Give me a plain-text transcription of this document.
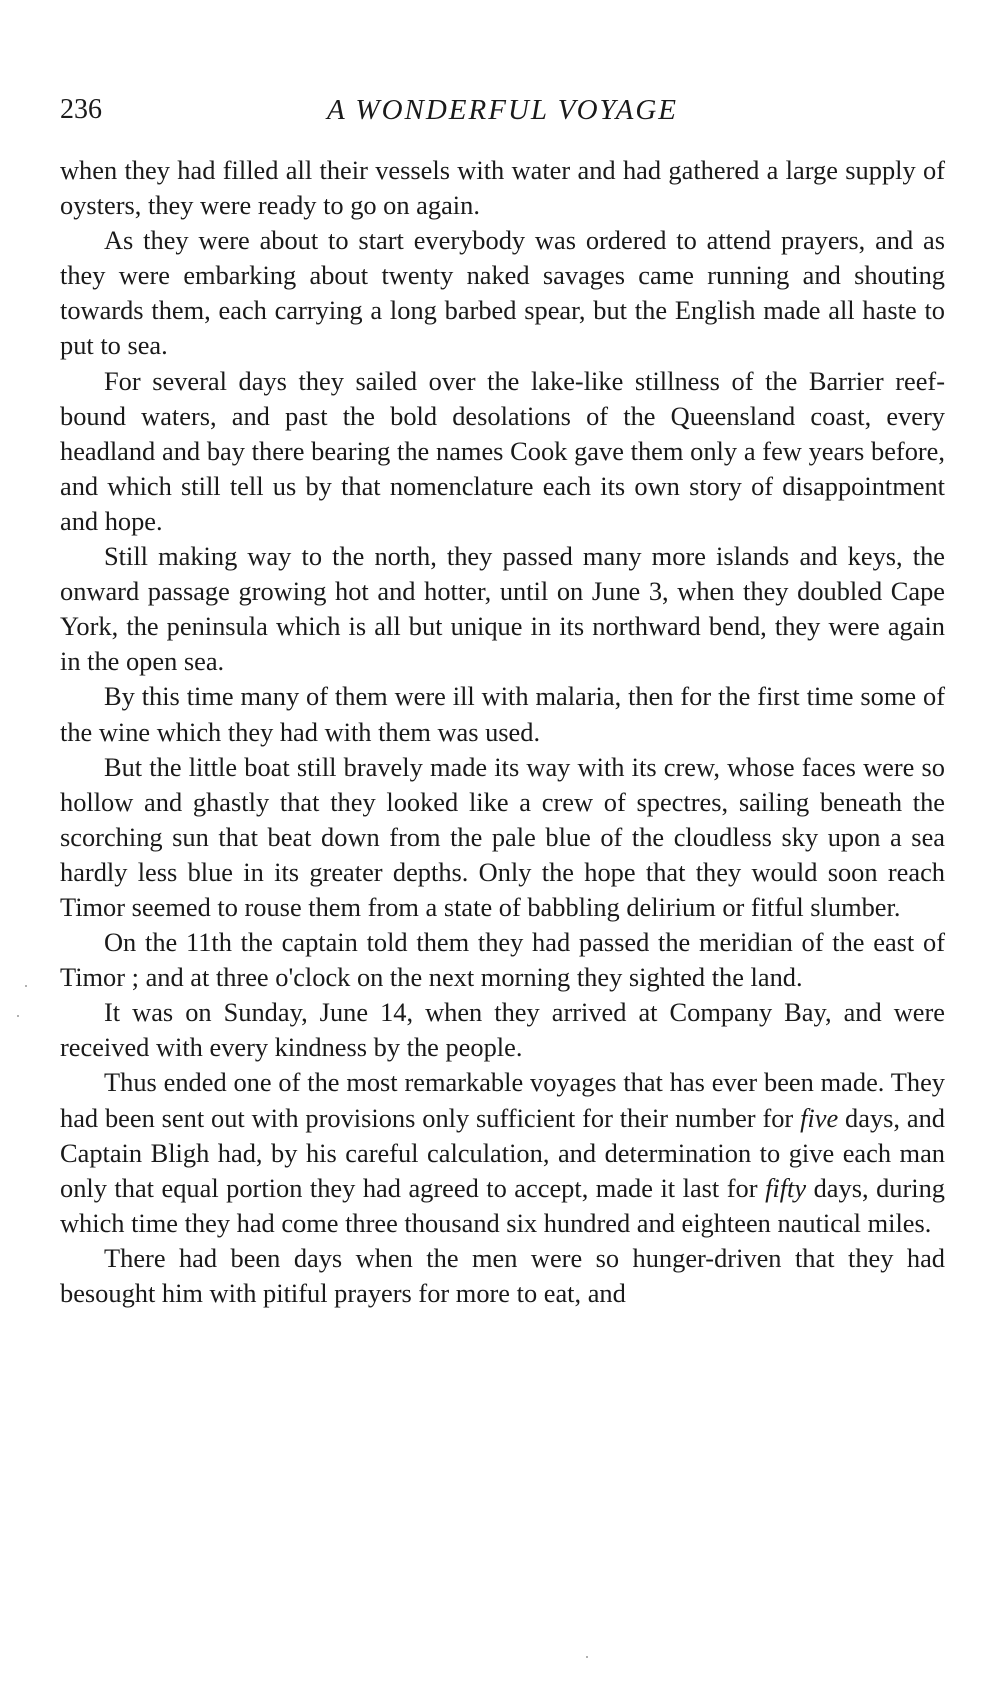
236	A WONDERFUL VOYAGE

when they had filled all their vessels with water and had gathered a large supply of oysters, they were ready to go on again.

As they were about to start everybody was ordered to attend prayers, and as they were embarking about twenty naked savages came running and shouting towards them, each carrying a long barbed spear, but the English made all haste to put to sea.

For several days they sailed over the lake-like stillness of the Barrier reef-bound waters, and past the bold desolations of the Queensland coast, every headland and bay there bearing the names Cook gave them only a few years before, and which still tell us by that nomenclature each its own story of disappointment and hope.

Still making way to the north, they passed many more islands and keys, the onward passage growing hot and hotter, until on June 3, when they doubled Cape York, the peninsula which is all but unique in its northward bend, they were again in the open sea.

By this time many of them were ill with malaria, then for the first time some of the wine which they had with them was used.

But the little boat still bravely made its way with its crew, whose faces were so hollow and ghastly that they looked like a crew of spectres, sailing beneath the scorching sun that beat down from the pale blue of the cloudless sky upon a sea hardly less blue in its greater depths. Only the hope that they would soon reach Timor seemed to rouse them from a state of babbling delirium or fitful slumber.

On the 11th the captain told them they had passed the meridian of the east of Timor ; and at three o'clock on the next morning they sighted the land.

It was on Sunday, June 14, when they arrived at Company Bay, and were received with every kindness by the people.

Thus ended one of the most remarkable voyages that has ever been made. They had been sent out with provisions only sufficient for their number for five days, and Captain Bligh had, by his careful calculation, and determination to give each man only that equal portion they had agreed to accept, made it last for fifty days, during which time they had come three thousand six hundred and eighteen nautical miles.

There had been days when the men were so hunger-driven that they had besought him with pitiful prayers for more to eat, and
